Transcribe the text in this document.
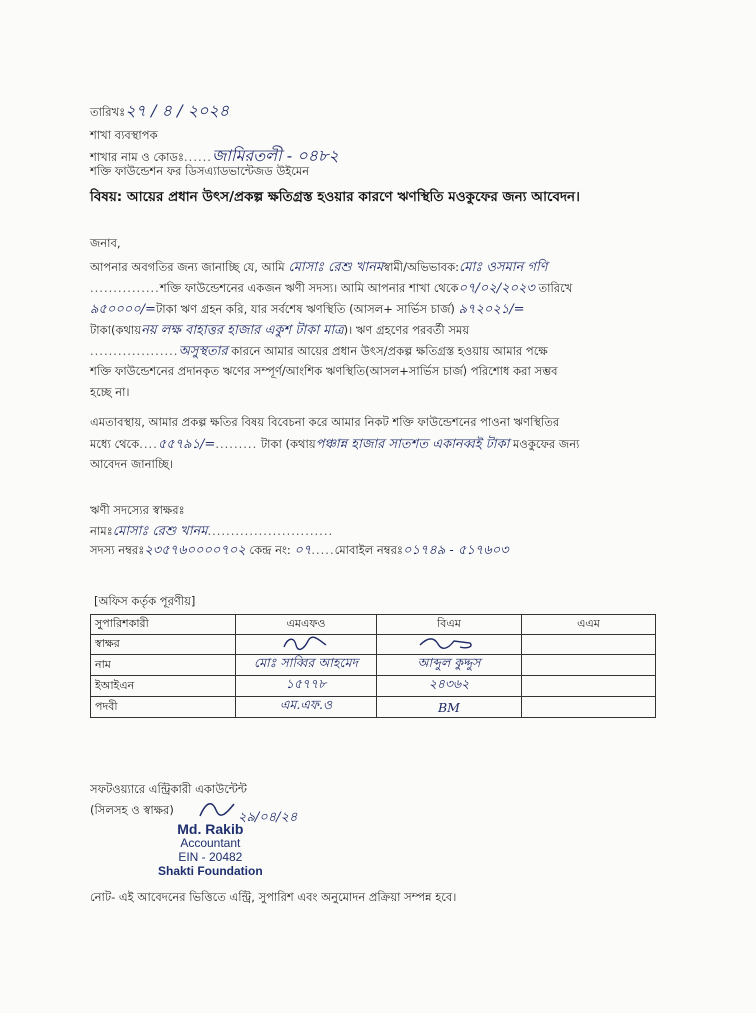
তারিখঃ২৭ / ৪ / ২০২৪
শাখা ব্যবস্থাপক
শাখার নাম ও কোডঃ......জামিরতলী - ০৪৮২
শক্তি ফাউন্ডেশন ফর ডিসএ্যাডভান্টেজড উইমেন
বিষয়: আয়ের প্রধান উৎস/প্রকল্প ক্ষতিগ্রস্ত হওয়ার কারণে ঋণস্থিতি মওকুফের জন্য আবেদন।
জনাব,
আপনার অবগতির জন্য জানাচ্ছি যে, আমি মোসাঃ রেশু খানমস্বামী/অভিভাবক:মোঃ ওসমান গণি
...............শক্তি ফাউন্ডেশনের একজন ঋণী সদস্য। আমি আপনার শাখা থেকে০৭/০২/২০২৩ তারিখে
৯৫০০০০/=টাকা ঋণ গ্রহন করি, যার সর্বশেষ ঋণস্থিতি (আসল+ সার্ভিস চার্জ) ৯৭২০২১/=
টাকা(কথায়নয় লক্ষ বাহাত্তর হাজার একুশ টাকা মাত্র)। ঋণ গ্রহণের পরবর্তী সময়
...................অসুস্থতার কারনে আমার আয়ের প্রধান উৎস/প্রকল্প ক্ষতিগ্রস্ত হওয়ায় আমার পক্ষে
শক্তি ফাউন্ডেশনের প্রদানকৃত ঋণের সম্পূর্ণ/আংশিক ঋণস্থিতি(আসল+সার্ভিস চার্জ) পরিশোধ করা সম্ভব
হচ্ছে না।
এমতাবস্থায়, আমার প্রকল্প ক্ষতির বিষয় বিবেচনা করে আমার নিকট শক্তি ফাউন্ডেশনের পাওনা ঋণস্থিতির
মধ্যে থেকে....৫৫৭৯১/=......... টাকা (কথায়পঞ্চান্ন হাজার সাতশত একানব্বই টাকা মওকুফের জন্য
আবেদন জানাচ্ছি।
ঋণী সদস্যের স্বাক্ষরঃ
নামঃমোসাঃ রেশু খানম...........................
সদস্য নম্বরঃ২৩৫৭৬০০০০৭০২ কেন্দ্র নং: ০৭.....মোবাইল নম্বরঃ০১৭৪৯ - ৫১৭৬০৩
[অফিস কর্তৃক পূরণীয়]
সুপারিশকারী	এমএফও	বিএম	এএম
স্বাক্ষর			
নাম	মোঃ সাব্বির আহমেদ	আব্দুল কুদ্দুস	
ইআইএন	১৫৭৭৮	২৪৩৬২	
পদবী	এম.এফ.ও	BM	
সফটওয়্যারে এন্ট্রিকারী একাউন্টেন্ট
(সিলসহ ও স্বাক্ষর)	২৯/০৪/২৪
Md. Rakib
Accountant
EIN - 20482
Shakti Foundation
নোট- এই আবেদনের ভিত্তিতে এন্ট্রি, সুপারিশ এবং অনুমোদন প্রক্রিয়া সম্পন্ন হবে।
